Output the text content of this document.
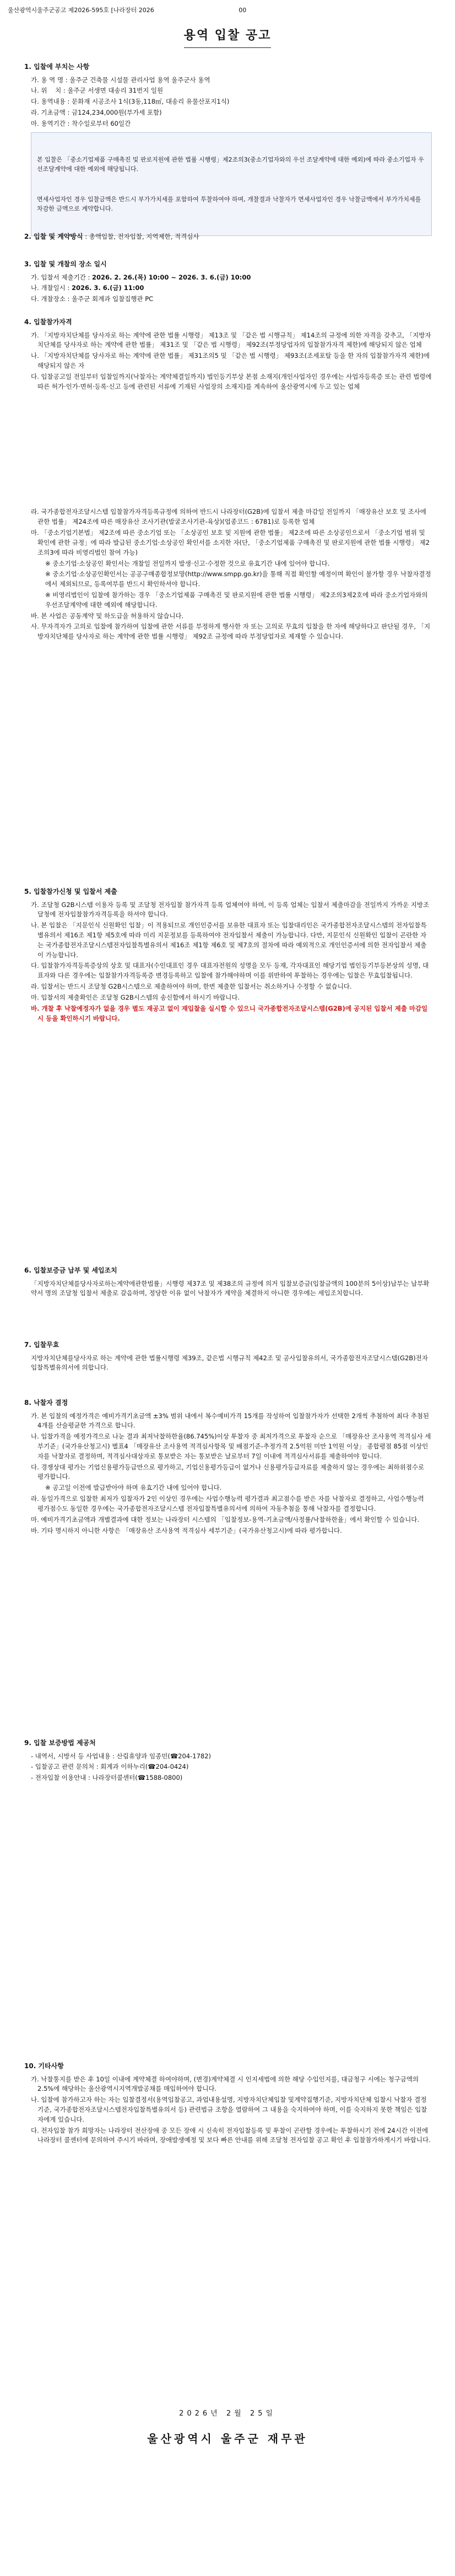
울산광역시울주군공고 제2026-595호 [나라장터 2026	00
용역 입찰 공고
1. 입찰에 부치는 사항
가. 용 역 명 : 울주군 건축물 시설물 관리사업 용역 울주군사 용역
나. 위    치 : 울주군 서생면 대송리 31번지 일원
다. 용역내용 : 문화재 시공조사 1식(3동,118㎡, 대송리 유물산포지1식)
라. 기초금액 : 금124,234,000원(부가세 포함)
마. 용역기간 : 착수일로부터 60일간

본 입찰은 「중소기업제품 구매촉진 및 판로지원에 관한 법률 시행령」제2조의3(중소기업자와의 우선 조달계약에 대한 예외)에 따라 중소기업자 우선조달계약에 대한 예외에 해당됩니다.

면세사업자인 경우 입찰금액은 반드시 부가가치세를 포함하여 투찰하여야 하며, 개찰결과 낙찰자가 면세사업자인 경우 낙찰금액에서 부가가치세를 차감한 금액으로 계약합니다.

2. 입찰 및 계약방식 : 총액입찰, 전자입찰, 지역제한, 적격심사
3. 입찰 및 개찰의 장소 일시
가. 입찰서 제출기간 : 2026. 2. 26.(목) 10:00 ~ 2026. 3. 6.(금) 10:00
나. 개찰일시 : 2026. 3. 6.(금) 11:00
다. 개찰장소 : 울주군 회계과 입찰집행관 PC
4. 입찰참가자격
가. 「지방자치단체를 당사자로 하는 계약에 관한 법률 시행령」 제13조 및 「같은 법 시행규칙」 제14조의 규정에 의한 자격을 갖추고, 「지방자치단체를 당사자로 하는 계약에 관한 법률」 제31조 및 「같은 법 시행령」 제92조(부정당업자의 입찰참가자격 제한)에 해당되지 않은 업체
나. 「지방자치단체를 당사자로 하는 계약에 관한 법률」 제31조의5 및 「같은 법 시행령」 제93조(조세포탈 등을 한 자의 입찰참가자격 제한)에 해당되지 않은 자
다. 입찰공고일 전일부터 입찰일까지(낙찰자는 계약체결일까지) 법인등기부상 본점 소재지(개인사업자인 경우에는 사업자등록증 또는 관련 법령에 따른 허가·인가·면허·등록·신고 등에 관련된 서류에 기재된 사업장의 소재지)를 계속하여 울산광역시에 두고 있는 업체
라. 국가종합전자조달시스템 입찰참가자격등록규정에 의하여 반드시 나라장터(G2B)에 입찰서 제출 마감일 전일까지 「매장유산 보호 및 조사에 관한 법률」 제24조에 따른 매장유산 조사기관(발굴조사기관-육상)(업종코드 : 6781)로 등록한 업체
마. 「중소기업기본법」 제2조에 따른 중소기업 또는 「소상공인 보호 및 지원에 관한 법률」 제2조에 따른 소상공인으로서 「중소기업 범위 및 확인에 관한 규정」에 따라 발급된 중소기업·소상공인 확인서를 소지한 자(단, 「중소기업제품 구매촉진 및 판로지원에 관한 법률 시행령」 제2조의3에 따라 비영리법인 참여 가능)
※ 중소기업·소상공인 확인서는 개찰일 전일까지 발생·신고·수정한 것으로 유효기간 내에 있어야 합니다.
※ 중소기업·소상공인확인서는 공공구매종합정보망(http://www.smpp.go.kr)을 통해 직접 확인할 예정이며 확인이 불가할 경우 낙찰자결정에서 제외되므로, 등록여부를 반드시 확인하셔야 합니다.
※ 비영리법인이 입찰에 참가하는 경우 「중소기업제품 구매촉진 및 판로지원에 관한 법률 시행령」 제2조의3제2호에 따라 중소기업자와의 우선조달계약에 대한 예외에 해당합니다.
바. 본 사업은 공동계약 및 하도급을 허용하지 않습니다.
사. 무자격자가 고의로 입찰에 참가하여 입찰에 관한 서류를 부정하게 행사한 자 또는 고의로 무효의 입찰을 한 자에 해당하다고 판단될 경우, 「지방자치단체를 당사자로 하는 계약에 관한 법률 시행령」 제92조 규정에 따라 부정당업자로 제재할 수 있습니다.
5. 입찰참가신청 및 입찰서 제출
가. 조달청 G2B시스템 이용자 등록 및 조달청 전자입찰 참가자격 등록 업체여야 하며, 이 등록 업체는 입찰서 제출마감을 전일까지 가까운 지방조달청에 전자입찰참가자격등록을 하셔야 합니다.
나. 본 입찰은 「지문인식 신원확인 입찰」이 적용되므로 개인인증서를 보유한 대표자 또는 입찰대리인은 국가종합전자조달시스템의 전자입찰특별유의서 제16조 제1항 제5호에 따라 미리 지문정보를 등록하여야 전자입찰서 제출이 가능합니다. 다만, 지문인식 신원확인 입찰이 곤란한 자는 국가종합전자조달시스템전자입찰특별유의서 제16조 제1항 제6호 및 제7호의 절차에 따라 예외적으로 개인인증서에 의한 전자입찰서 제출이 가능합니다.
다. 입찰참가자격등록증상의 상호 및 대표자(수인대표인 경우 대표자전원의 성명을 모두 등재, 각자대표인 해당기업 법인등기부등본상의 성명, 대표자와 다른 경우에는 입찰참가자격등록증 변경등록하고 입찰에 참가해야하며 이를 위반하여 투찰하는 경우에는 입찰은 무효입찰됩니다.
라. 입찰서는 반드시 조달청 G2B시스템으로 제출하여야 하며, 한번 제출한 입찰서는 취소하거나 수정할 수 없습니다.
마. 입찰서의 제출확인은 조달청 G2B시스템의 송신함에서 하시기 바랍니다.
바. 개찰 후 낙찰예정자가 없을 경우 별도 재공고 없이 재입찰을 실시할 수 있으니 국가종합전자조달시스템(G2B)에 공지된 입찰서 제출 마감일시 등을 확인하시기 바랍니다.
6. 입찰보증금 납부 및 세입조치
「지방자치단체를당사자로하는계약에관한법률」시행령 제37조 및 제38조의 규정에 의거 입찰보증금(입찰금액의 100분의 5이상)납부는 납부확약서 명의 조달청 입찰서 제출로 갈음하며, 정당한 이유 없이 낙찰자가 계약을 체결하지 아니한 경우에는 세입조치합니다.
7. 입찰무효
지방자치단체를당사자로 하는 계약에 관한 법률시행령 제39조, 같은법 시행규칙 제42조 및 공사입찰유의서, 국가종합전자조달시스템(G2B)전자입찰특별유의서에 의합니다.
8. 낙찰자 결정
가. 본 입찰의 예정가격은 예비가격기초금액 ±3% 범위 내에서 복수예비가격 15개를 작성하여 입찰참가자가 선택한 2개씩 추첨하여 최다 추첨된 4개를 산술평균한 가격으로 합니다.
나. 입찰가격을 예정가격으로 나눈 결과 최저낙찰하한율(86.745%)이상 투찰자 중 최저가격으로 투찰자 순으로 「매장유산 조사용역 적격심사 세부기준」(국가유산청고시) 별표4 「매장유산 조사용역 적격심사항목 및 배점기준-추정가격 2.5억원 미만 1억원 이상」 종합평점 85점 이상인 자를 낙찰자로 결정하며, 적격심사대상자로 통보받은 자는 통보받은 날로부터 7일 이내에 적격심사서류를 제출하여야 합니다.
다. 경쟁상대 평가는 기업신용평가등급만으로 평가하고, 기업신용평가등급이 없거나 신용평가등급자료를 제출하지 않는 경우에는 최하위점수로 평가합니다.
※ 공고일 이전에 발급받아야 하며 유효기간 내에 있어야 합니다.
라. 동일가격으로 입찰한 최저가 입찰자가 2인 이상인 경우에는 사업수행능력 평가결과 최고점수를 받은 자를 낙찰자로 결정하고, 사업수행능력 평가점수도 동일한 경우에는 국가종합전자조달시스템 전자입찰특별유의서에 의하여 자동추첨을 통해 낙찰자를 결정합니다.
마. 예비가격기초금액과 개별결과에 대한 정보는 나라장터 시스템의 「입찰정보-용역-기초금액/사정률/낙찰하한율」에서 확인할 수 있습니다.
바. 기타 명시하지 아니한 사항은 「매장유산 조사용역 적격심사 세부기준」(국가유산청고시)에 따라 평가합니다.
9. 입찰 보증방법 제공처
- 내역서, 시방서 등 사업내용 : 산림휴양과 임종민(☎204-1782)
- 입찰공고 관련 문의처 : 회계과 이하누리(☎204-0424)
- 전자입찰 이용안내 : 나라장터콜센터(☎1588-0800)
10. 기타사항
가. 낙찰통지를 받은 후 10일 이내에 계약체결 하여야하며, (변경)계약체결 시 인지세법에 의한 해당 수입인지를, 대금청구 시에는 청구금액의 2.5%에 해당하는 울산광역시지역개발공채를 매입하여야 합니다.
나. 입찰에 참가하고자 하는 자는 입찰결정서(용역입찰공고, 과업내용설명, 지방자치단체입찰 및계약집행기준, 지방자치단체 입찰시 낙찰자 결정기준, 국가종합전자조달시스템전자입찰특별유의서 등) 관련법규 조항을 열람하여 그 내용을 숙지하여야 하며, 이를 숙지하지 못한 책임은 입찰자에게 있습니다.
다. 전자입찰 참가 희망자는 나라장터 전산장애 중 모든 장애 시 신속히 전자입찰등록 및 투찰이 곤란할 경우에는 투찰하시기 전에 24시간 이전에 나라장터 콜센터에 문의하여 주시기 바라며, 장애발생예정 및 보다 빠른 안내를 위해 조달청 전자입찰 공고 확인 후 입찰참가하게시기 바랍니다.
2026년 2월 25일
울산광역시 울주군 재무관
